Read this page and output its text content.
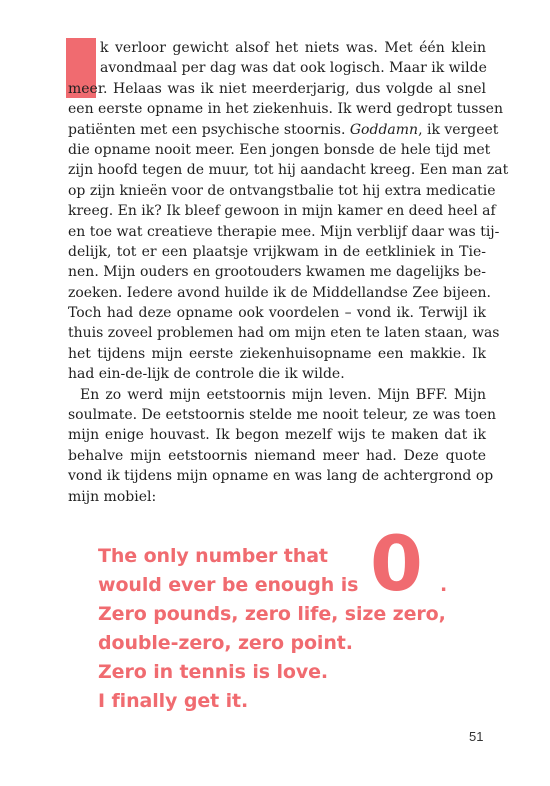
k verloor gewicht alsof het niets was. Met één klein
avondmaal per dag was dat ook logisch. Maar ik wilde
meer. Helaas was ik niet meerderjarig, dus volgde al snel
een eerste opname in het ziekenhuis. Ik werd gedropt tussen
patiënten met een psychische stoornis. Goddamn, ik vergeet
die opname nooit meer. Een jongen bonsde de hele tijd met
zijn hoofd tegen de muur, tot hij aandacht kreeg. Een man zat
op zijn knieën voor de ontvangstbalie tot hij extra medicatie
kreeg. En ik? Ik bleef gewoon in mijn kamer en deed heel af
en toe wat creatieve therapie mee. Mijn verblijf daar was tij-
delijk, tot er een plaatsje vrijkwam in de eetkliniek in Tie-
nen. Mijn ouders en grootouders kwamen me dagelijks be-
zoeken. Iedere avond huilde ik de Middellandse Zee bijeen.
Toch had deze opname ook voordelen – vond ik. Terwijl ik
thuis zoveel problemen had om mijn eten te laten staan, was
het tijdens mijn eerste ziekenhuisopname een makkie. Ik
had ein-de-lijk de controle die ik wilde.
En zo werd mijn eetstoornis mijn leven. Mijn BFF. Mijn
soulmate. De eetstoornis stelde me nooit teleur, ze was toen
mijn enige houvast. Ik begon mezelf wijs te maken dat ik
behalve mijn eetstoornis niemand meer had. Deze quote
vond ik tijdens mijn opname en was lang de achtergrond op
mijn mobiel:
The only number that
would ever be enough is	.
Zero pounds, zero life, size zero,
double-zero, zero point.
Zero in tennis is love.
I finally get it.
0
51
